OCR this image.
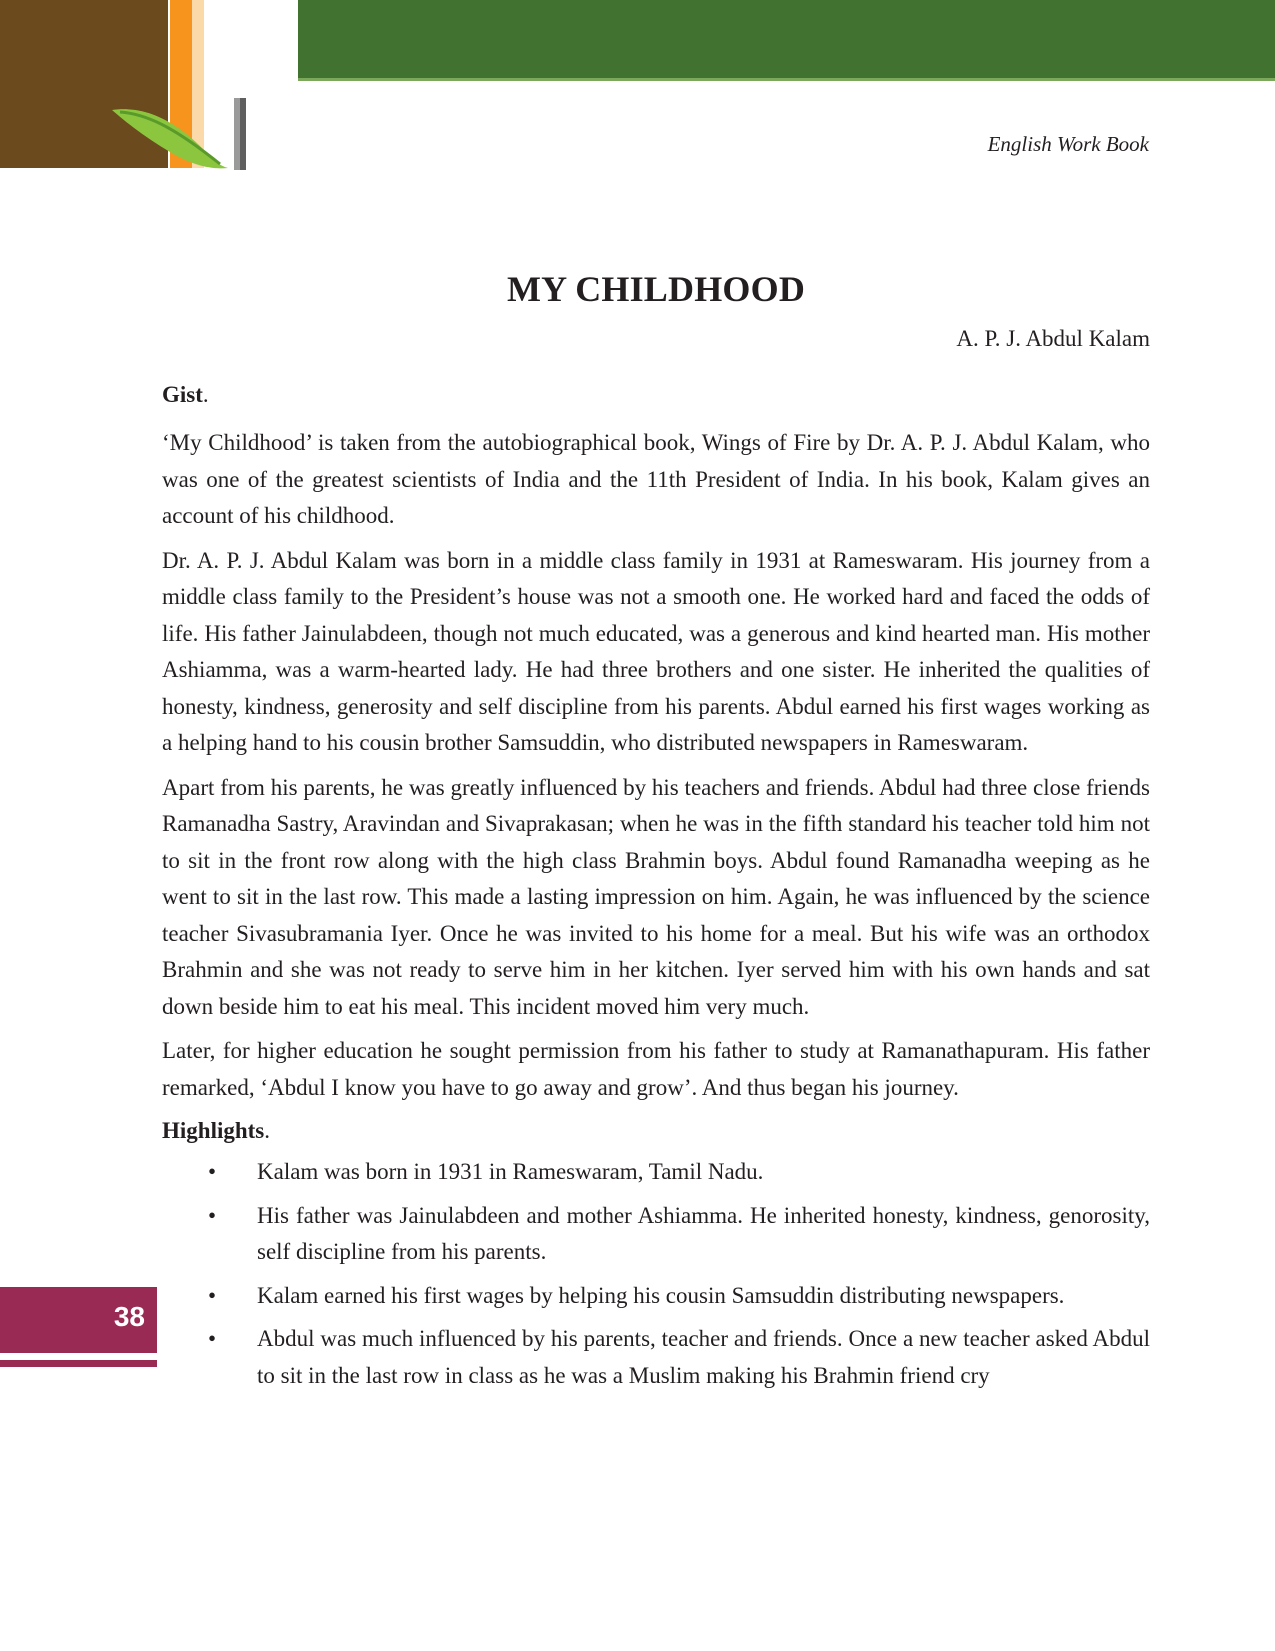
English Work Book
38
MY CHILDHOOD

A. P. J. Abdul Kalam

Gist.

‘My Childhood’ is taken from the autobiographical book, Wings of Fire by Dr. A. P. J. Abdul Kalam, who was one of the greatest scientists of India and the 11th President of India. In his book, Kalam gives an account of his childhood.

Dr. A. P. J. Abdul Kalam was born in a middle class family in 1931 at Rameswaram. His journey from a middle class family to the President’s house was not a smooth one. He worked hard and faced the odds of life. His father Jainulabdeen, though not much educated, was a generous and kind hearted man. His mother Ashiamma, was a warm-hearted lady. He had three brothers and one sister. He inherited the qualities of honesty, kindness, generosity and self discipline from his parents. Abdul earned his first wages working as a helping hand to his cousin brother Samsuddin, who distributed newspapers in Rameswaram.

Apart from his parents, he was greatly influenced by his teachers and friends. Abdul had three close friends Ramanadha Sastry, Aravindan and Sivaprakasan; when he was in the fifth standard his teacher told him not to sit in the front row along with the high class Brahmin boys. Abdul found Ramanadha weeping as he went to sit in the last row. This made a lasting impression on him. Again, he was influenced by the science teacher Sivasubramania Iyer. Once he was invited to his home for a meal. But his wife was an orthodox Brahmin and she was not ready to serve him in her kitchen. Iyer served him with his own hands and sat down beside him to eat his meal. This incident moved him very much.

Later, for higher education he sought permission from his father to study at Ramanathapuram. His father remarked, ‘Abdul I know you have to go away and grow’. And thus began his journey.

Highlights.

• Kalam was born in 1931 in Rameswaram, Tamil Nadu.
• His father was Jainulabdeen and mother Ashiamma. He inherited honesty, kindness, genorosity, self discipline from his parents.
• Kalam earned his first wages by helping his cousin Samsuddin distributing newspapers.
• Abdul was much influenced by his parents, teacher and friends. Once a new teacher asked Abdul to sit in the last row in class as he was a Muslim making his Brahmin friend cry
